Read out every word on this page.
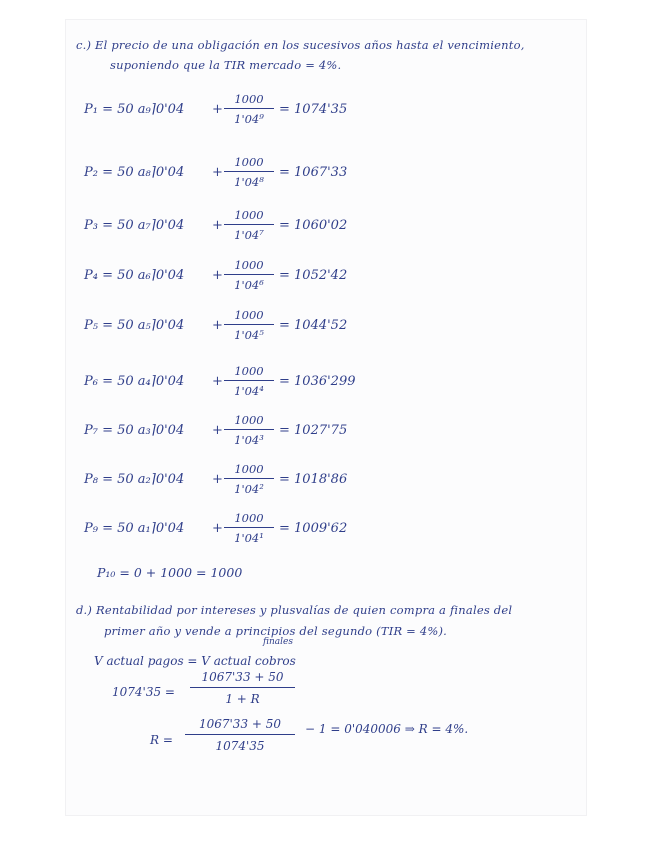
c.) El precio de una obligación en los sucesivos años hasta el vencimiento,
suponiendo que la TIR mercado = 4%.
P₁ = 50 a₉⌉0'04 +
1000
1'04⁹
= 1074'35
P₂ = 50 a₈⌉0'04 +
1000
1'04⁸
= 1067'33
P₃ = 50 a₇⌉0'04 +
1000
1'04⁷
= 1060'02
P₄ = 50 a₆⌉0'04 +
1000
1'04⁶
= 1052'42
P₅ = 50 a₅⌉0'04 +
1000
1'04⁵
= 1044'52
P₆ = 50 a₄⌉0'04 +
1000
1'04⁴
= 1036'299
P₇ = 50 a₃⌉0'04 +
1000
1'04³
= 1027'75
P₈ = 50 a₂⌉0'04 +
1000
1'04²
= 1018'86
P₉ = 50 a₁⌉0'04 +
1000
1'04¹
= 1009'62
P₁₀ = 0 + 1000 = 1000
d.) Rentabilidad por intereses y plusvalías de quien compra a finales del
primer año y vende a principios del segundo (TIR = 4%).
finales
V actual pagos = V actual cobros
1074'35 =
1067'33 + 50
1 + R
R =
1067'33 + 50
1074'35
− 1 = 0'040006 ⇒ R = 4%.
